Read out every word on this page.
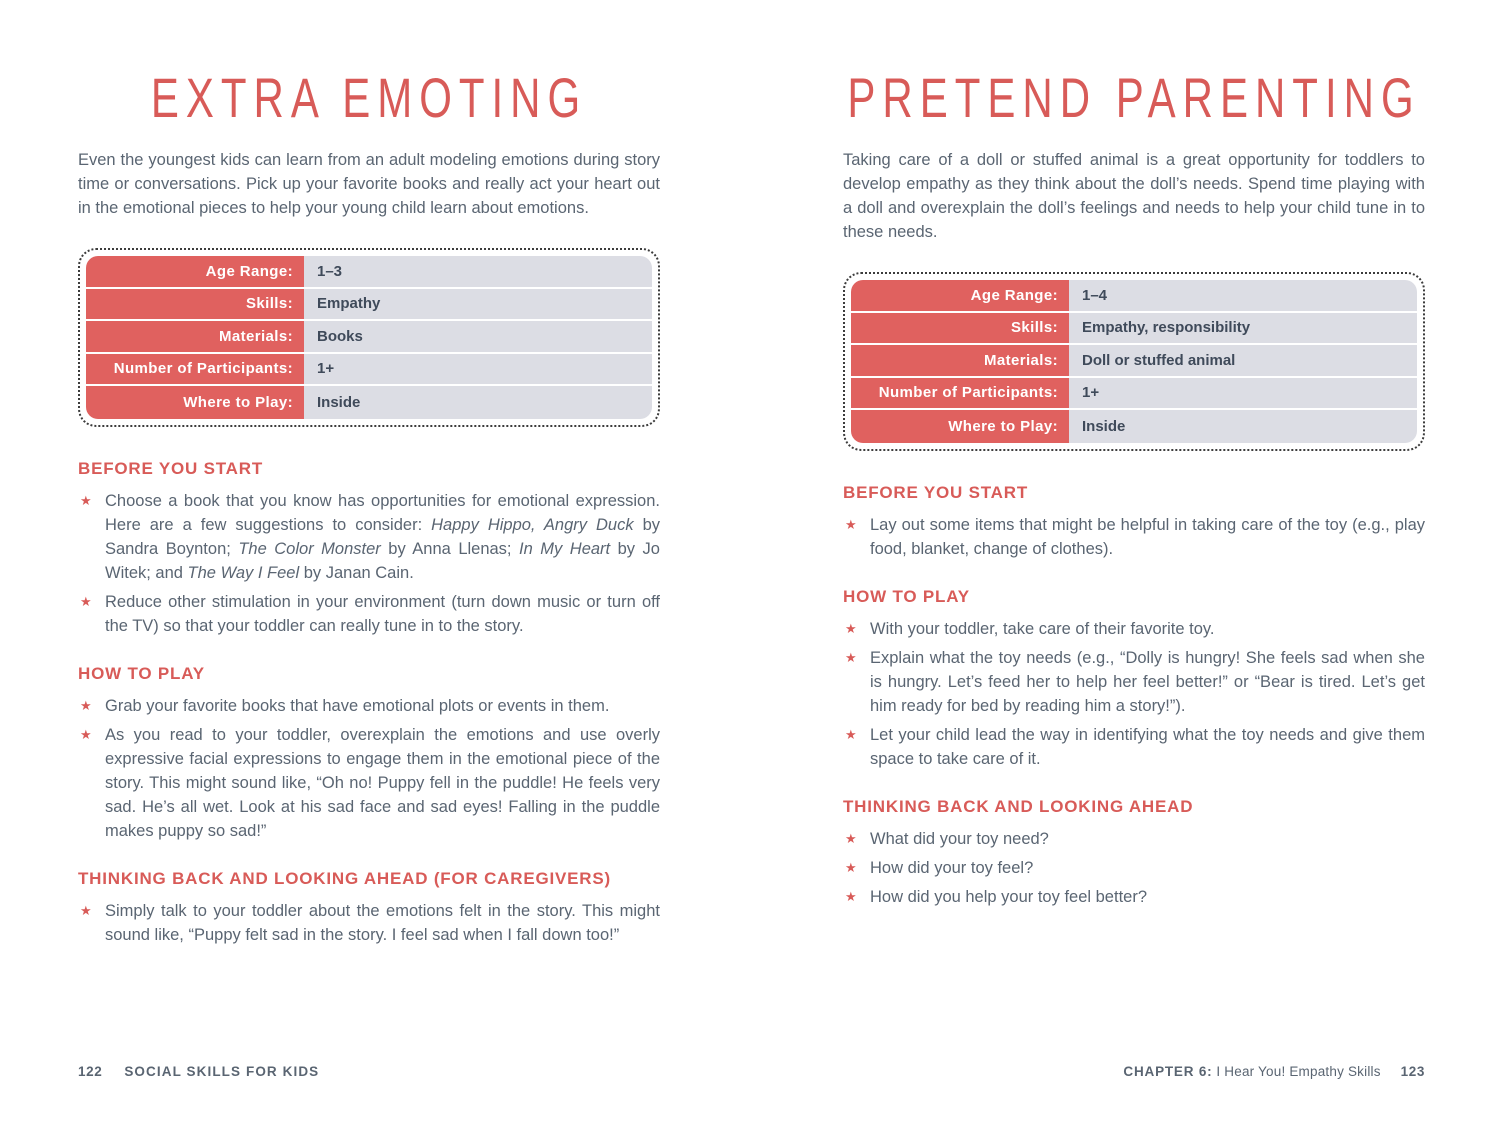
EXTRA EMOTING

Even the youngest kids can learn from an adult modeling emotions during story time or conversations. Pick up your favorite books and really act your heart out in the emotional pieces to help your young child learn about emotions.

Age Range:	1–3
Skills:	Empathy
Materials:	Books
Number of Participants:	1+
Where to Play:	Inside
BEFORE YOU START
★ Choose a book that you know has opportunities for emotional expression. Here are a few suggestions to consider: Happy Hippo, Angry Duck by Sandra Boynton; The Color Monster by Anna Llenas; In My Heart by Jo Witek; and The Way I Feel by Janan Cain.
★ Reduce other stimulation in your environment (turn down music or turn off the TV) so that your toddler can really tune in to the story.
HOW TO PLAY
★ Grab your favorite books that have emotional plots or events in them.
★ As you read to your toddler, overexplain the emotions and use overly expressive facial expressions to engage them in the emotional piece of the story. This might sound like, “Oh no! Puppy fell in the puddle! He feels very sad. He’s all wet. Look at his sad face and sad eyes! Falling in the puddle makes puppy so sad!”
THINKING BACK AND LOOKING AHEAD (FOR CAREGIVERS)
★ Simply talk to your toddler about the emotions felt in the story. This might sound like, “Puppy felt sad in the story. I feel sad when I fall down too!”
122 SOCIAL SKILLS FOR KIDS
PRETEND PARENTING

Taking care of a doll or stuffed animal is a great opportunity for toddlers to develop empathy as they think about the doll’s needs. Spend time playing with a doll and overexplain the doll’s feelings and needs to help your child tune in to these needs.

Age Range:	1–4
Skills:	Empathy, responsibility
Materials:	Doll or stuffed animal
Number of Participants:	1+
Where to Play:	Inside
BEFORE YOU START
★ Lay out some items that might be helpful in taking care of the toy (e.g., play food, blanket, change of clothes).
HOW TO PLAY
★ With your toddler, take care of their favorite toy.
★ Explain what the toy needs (e.g., “Dolly is hungry! She feels sad when she is hungry. Let’s feed her to help her feel better!” or “Bear is tired. Let’s get him ready for bed by reading him a story!”).
★ Let your child lead the way in identifying what the toy needs and give them space to take care of it.
THINKING BACK AND LOOKING AHEAD
★ What did your toy need?
★ How did your toy feel?
★ How did you help your toy feel better?
CHAPTER 6: I Hear You! Empathy Skills 123
